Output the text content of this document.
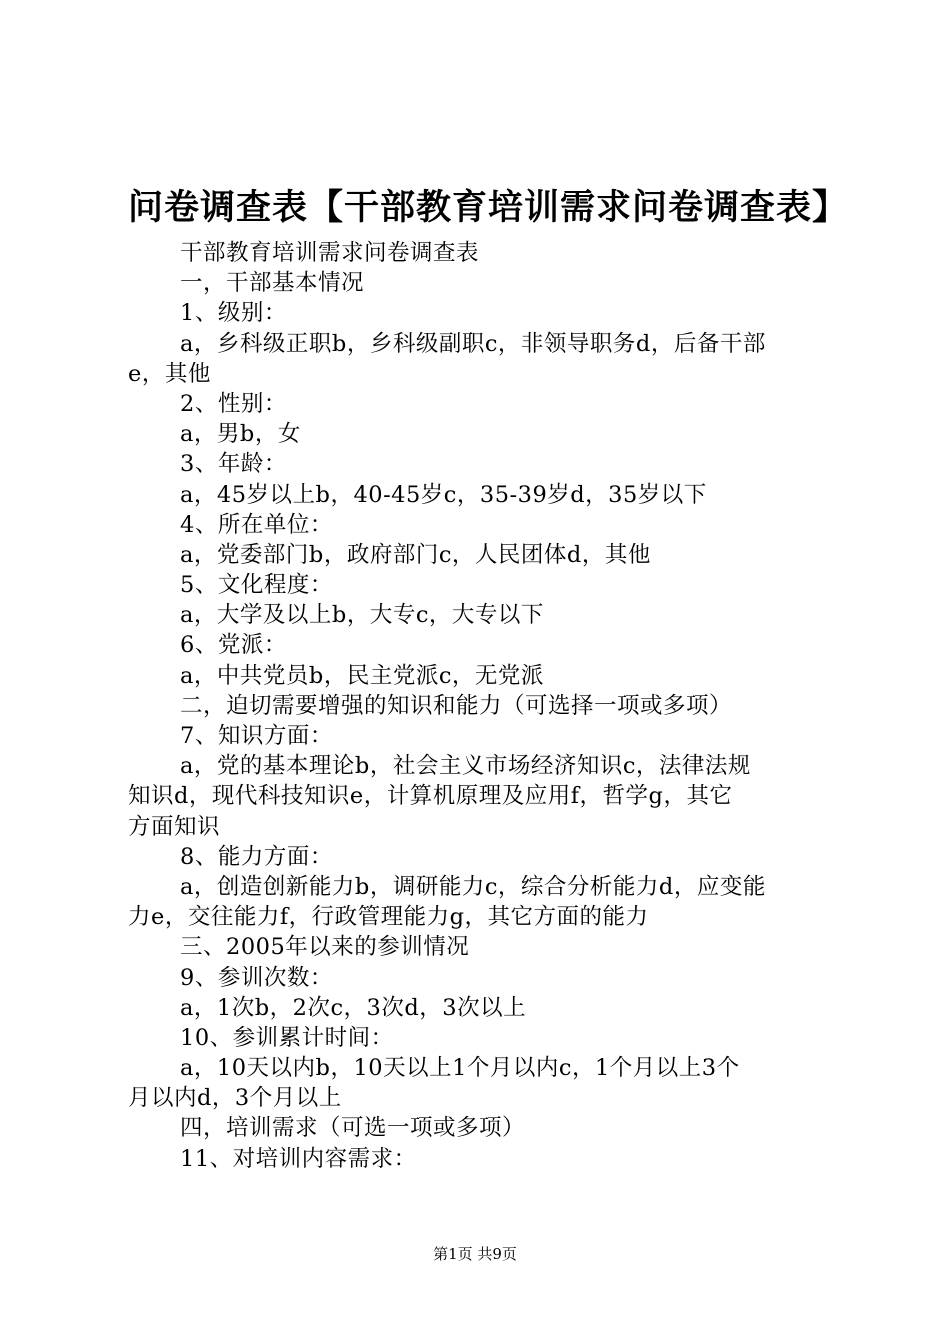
问卷调查表【干部教育培训需求问卷调查表】
干部教育培训需求问卷调查表
一，干部基本情况
1、级别：
a，乡科级正职b，乡科级副职c，非领导职务d，后备干部
e，其他
2、性别：
a，男b，女
3、年龄：
a，45岁以上b，40-45岁c，35-39岁d，35岁以下
4、所在单位：
a，党委部门b，政府部门c，人民团体d，其他
5、文化程度：
a，大学及以上b，大专c，大专以下
6、党派：
a，中共党员b，民主党派c，无党派
二，迫切需要增强的知识和能力（可选择一项或多项）
7、知识方面：
a，党的基本理论b，社会主义市场经济知识c，法律法规
知识d，现代科技知识e，计算机原理及应用f，哲学g，其它
方面知识
8、能力方面：
a，创造创新能力b，调研能力c，综合分析能力d，应变能
力e，交往能力f，行政管理能力g，其它方面的能力
三、2005年以来的参训情况
9、参训次数：
a，1次b，2次c，3次d，3次以上
10、参训累计时间：
a，10天以内b，10天以上1个月以内c，1个月以上3个
月以内d，3个月以上
四，培训需求（可选一项或多项）
11、对培训内容需求：
第1页 共9页
